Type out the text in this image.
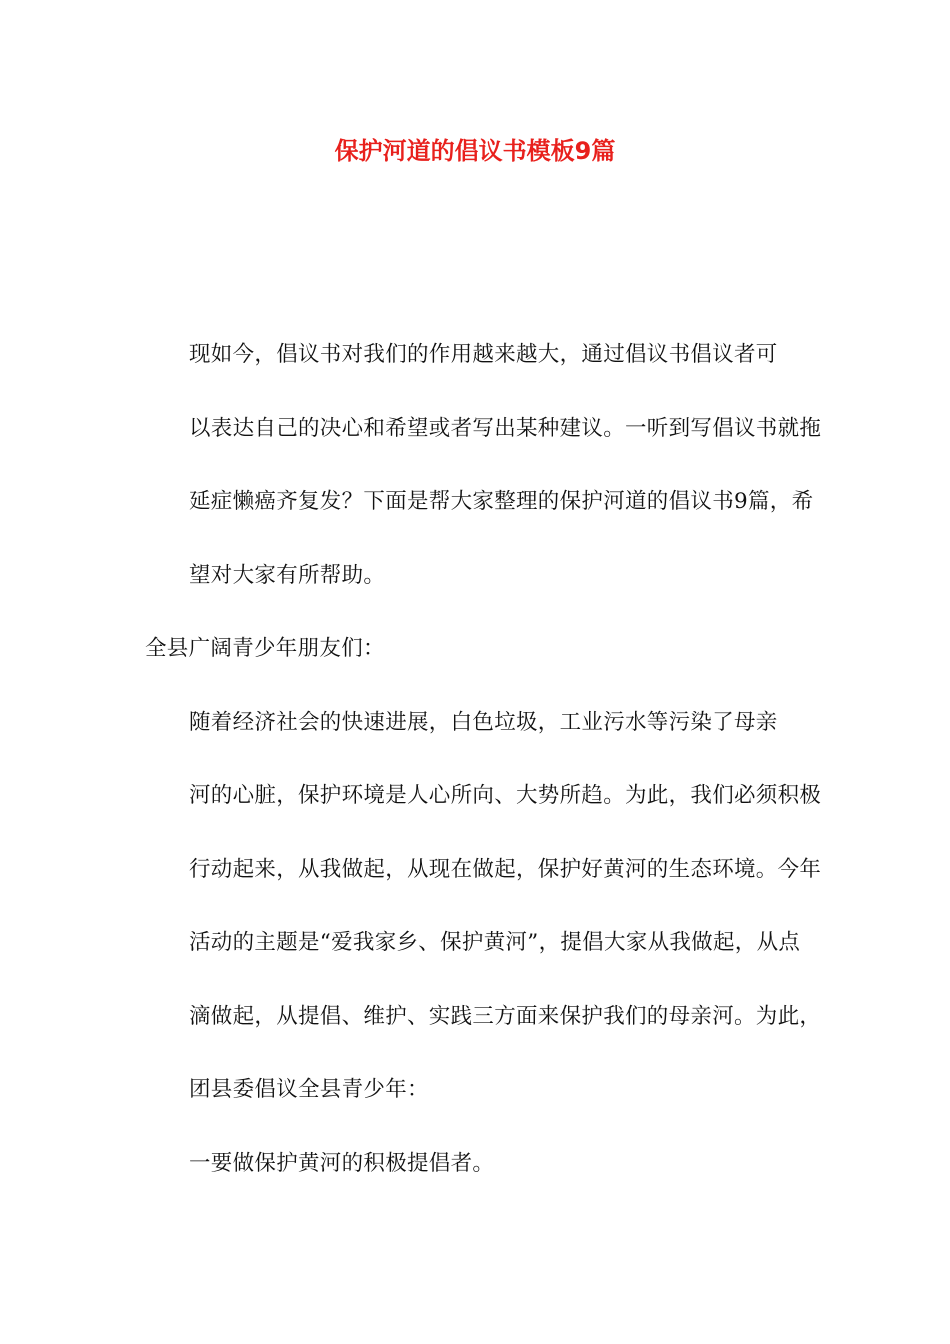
保护河道的倡议书模板9篇

现如今，倡议书对我们的作用越来越大，通过倡议书倡议者可
以表达自己的决心和希望或者写出某种建议。一听到写倡议书就拖
延症懒癌齐复发？下面是帮大家整理的保护河道的倡议书9篇，希
望对大家有所帮助。

全县广阔青少年朋友们：

随着经济社会的快速进展，白色垃圾，工业污水等污染了母亲
河的心脏，保护环境是人心所向、大势所趋。为此，我们必须积极
行动起来，从我做起，从现在做起，保护好黄河的生态环境。今年
活动的主题是“爱我家乡、保护黄河”，提倡大家从我做起，从点
滴做起，从提倡、维护、实践三方面来保护我们的母亲河。为此，
团县委倡议全县青少年：

一要做保护黄河的积极提倡者。
